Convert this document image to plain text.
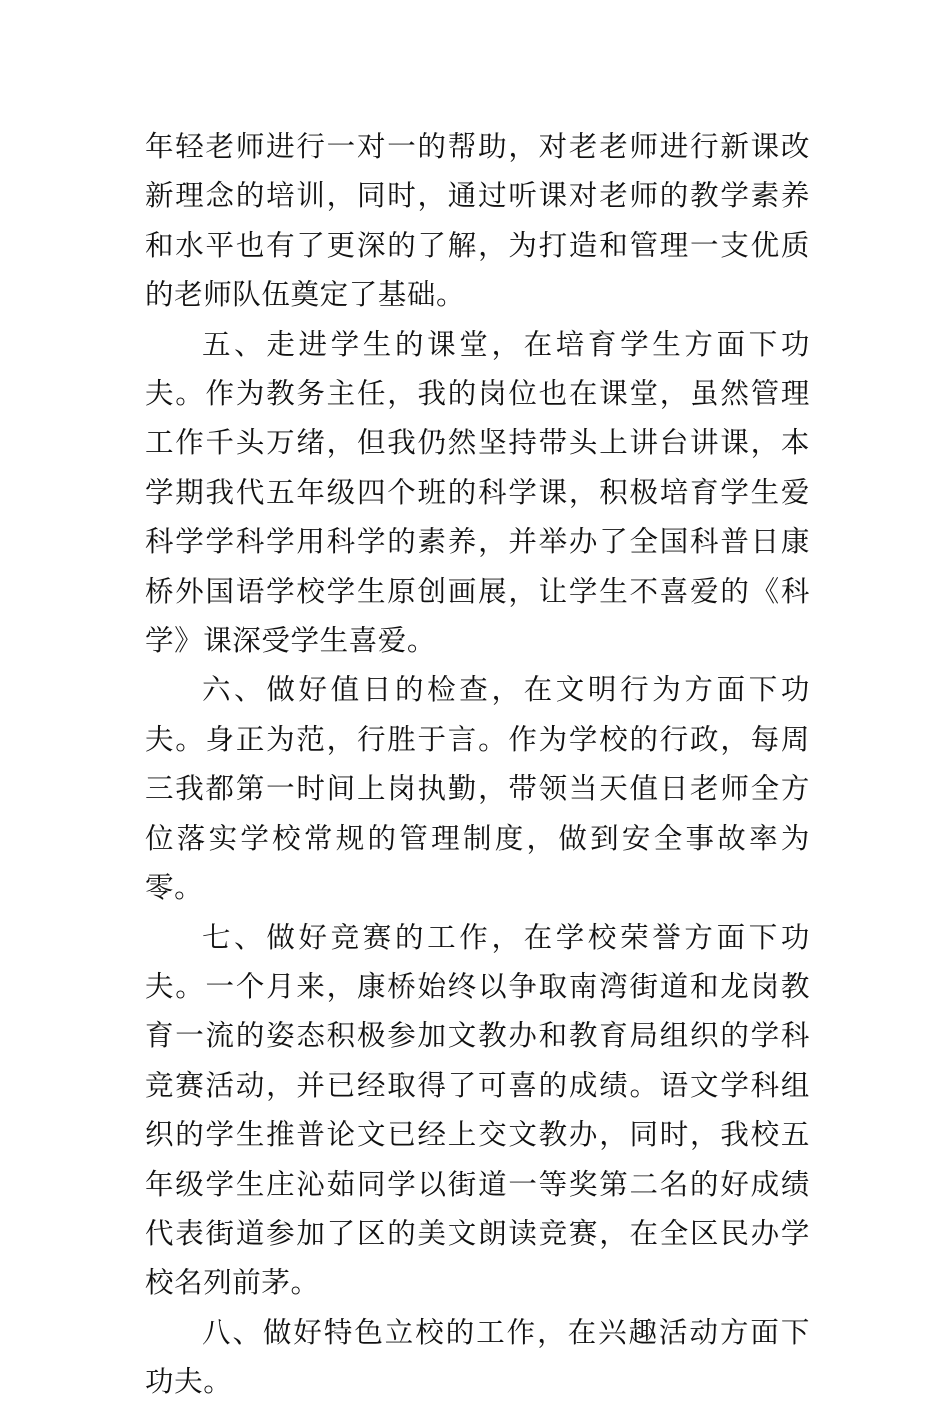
年轻老师进行一对一的帮助，对老老师进行新课改新理念的培训，同时，通过听课对老师的教学素养和水平也有了更深的了解，为打造和管理一支优质的老师队伍奠定了基础。

五、走进学生的课堂，在培育学生方面下功夫。作为教务主任，我的岗位也在课堂，虽然管理工作千头万绪，但我仍然坚持带头上讲台讲课，本学期我代五年级四个班的科学课，积极培育学生爱科学学科学用科学的素养，并举办了全国科普日康桥外国语学校学生原创画展，让学生不喜爱的《科学》课深受学生喜爱。

六、做好值日的检查，在文明行为方面下功夫。身正为范，行胜于言。作为学校的行政，每周三我都第一时间上岗执勤，带领当天值日老师全方位落实学校常规的管理制度，做到安全事故率为零。

七、做好竞赛的工作，在学校荣誉方面下功夫。一个月来，康桥始终以争取南湾街道和龙岗教育一流的姿态积极参加文教办和教育局组织的学科竞赛活动，并已经取得了可喜的成绩。语文学科组织的学生推普论文已经上交文教办，同时，我校五年级学生庄沁茹同学以街道一等奖第二名的好成绩代表街道参加了区的美文朗读竞赛，在全区民办学校名列前茅。

八、做好特色立校的工作，在兴趣活动方面下功夫。
